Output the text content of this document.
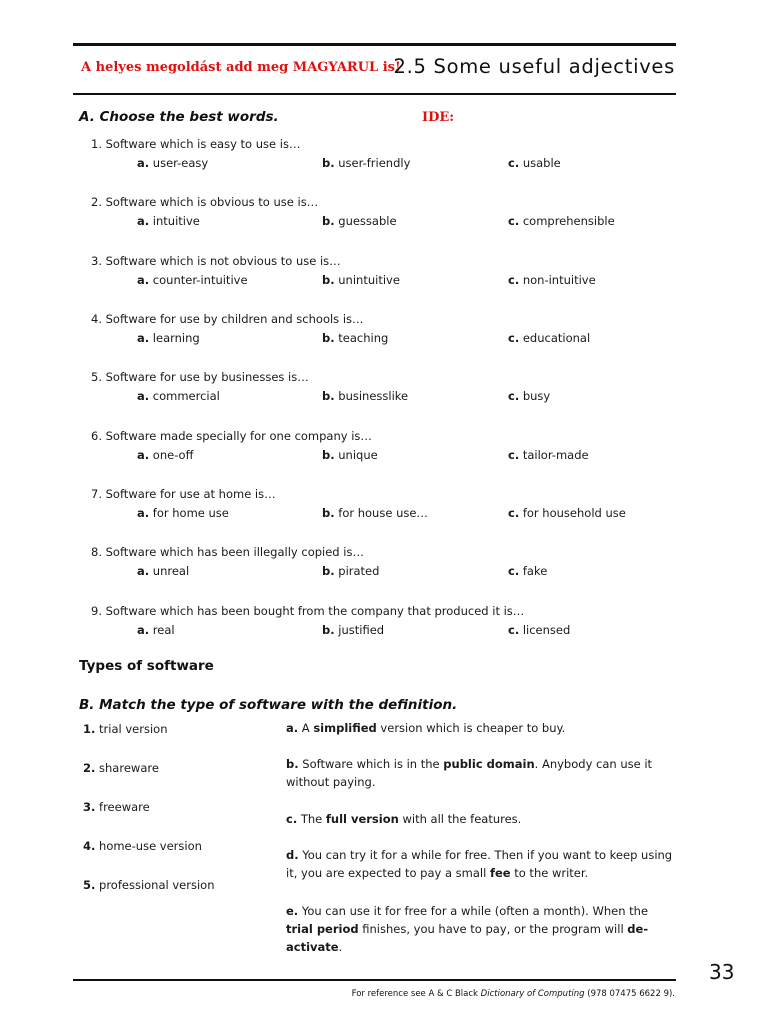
A helyes megoldást add meg MAGYARUL is!
2.5 Some useful adjectives
A. Choose the best words.	IDE:
1. Software which is easy to use is…
a. user-easy	b. user-friendly	c. usable
2. Software which is obvious to use is…
a. intuitive	b. guessable	c. comprehensible
3. Software which is not obvious to use is…
a. counter-intuitive	b. unintuitive	c. non-intuitive
4. Software for use by children and schools is…
a. learning	b. teaching	c. educational
5. Software for use by businesses is…
a. commercial	b. businesslike	c. busy
6. Software made specially for one company is…
a. one-off	b. unique	c. tailor-made
7. Software for use at home is…
a. for home use	b. for house use…	c. for household use
8. Software which has been illegally copied is…
a. unreal	b. pirated	c. fake
9. Software which has been bought from the company that produced it is…
a. real	b. justified	c. licensed
Types of software
B. Match the type of software with the definition.
1. trial version
2. shareware
3. freeware
4. home-use version
5. professional version
a. A simplified version which is cheaper to buy.
b. Software which is in the public domain. Anybody can use it without paying.
c. The full version with all the features.
d. You can try it for a while for free. Then if you want to keep using it, you are expected to pay a small fee to the writer.
e. You can use it for free for a while (often a month). When the trial period finishes, you have to pay, or the program will de-activate.
33
For reference see A & C Black Dictionary of Computing (978 07475 6622 9).
